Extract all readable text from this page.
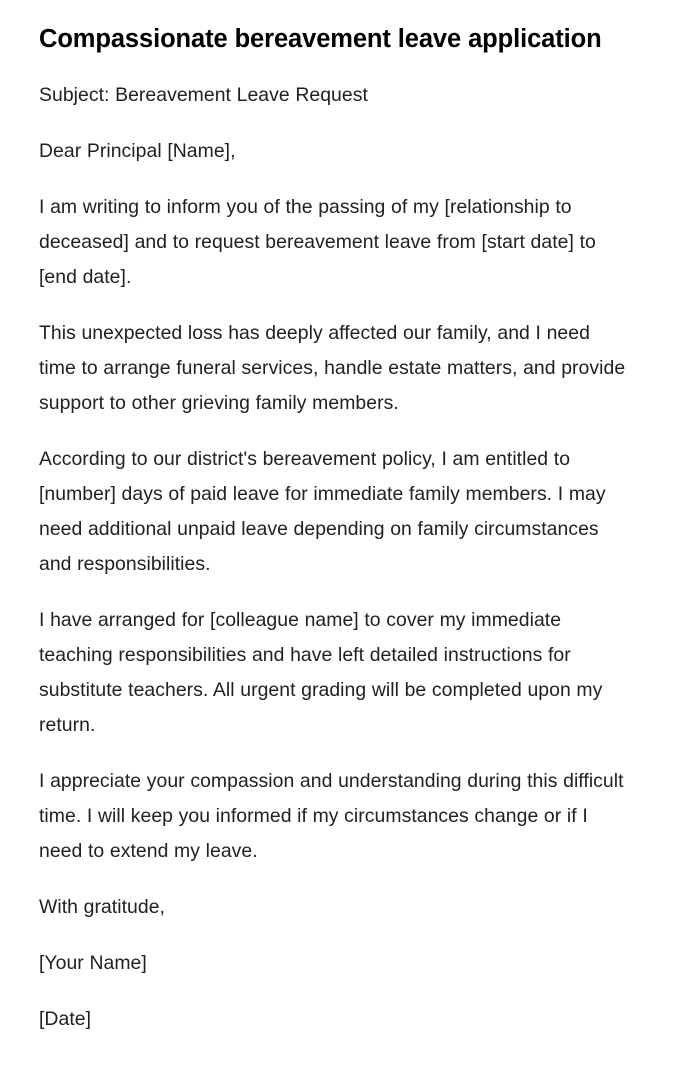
Compassionate bereavement leave application

Subject: Bereavement Leave Request

Dear Principal [Name],

I am writing to inform you of the passing of my [relationship to deceased] and to request bereavement leave from [start date] to [end date].

This unexpected loss has deeply affected our family, and I need time to arrange funeral services, handle estate matters, and provide support to other grieving family members.

According to our district's bereavement policy, I am entitled to [number] days of paid leave for immediate family members. I may need additional unpaid leave depending on family circumstances and responsibilities.

I have arranged for [colleague name] to cover my immediate teaching responsibilities and have left detailed instructions for substitute teachers. All urgent grading will be completed upon my return.

I appreciate your compassion and understanding during this difficult time. I will keep you informed if my circumstances change or if I need to extend my leave.

With gratitude,

[Your Name]

[Date]
